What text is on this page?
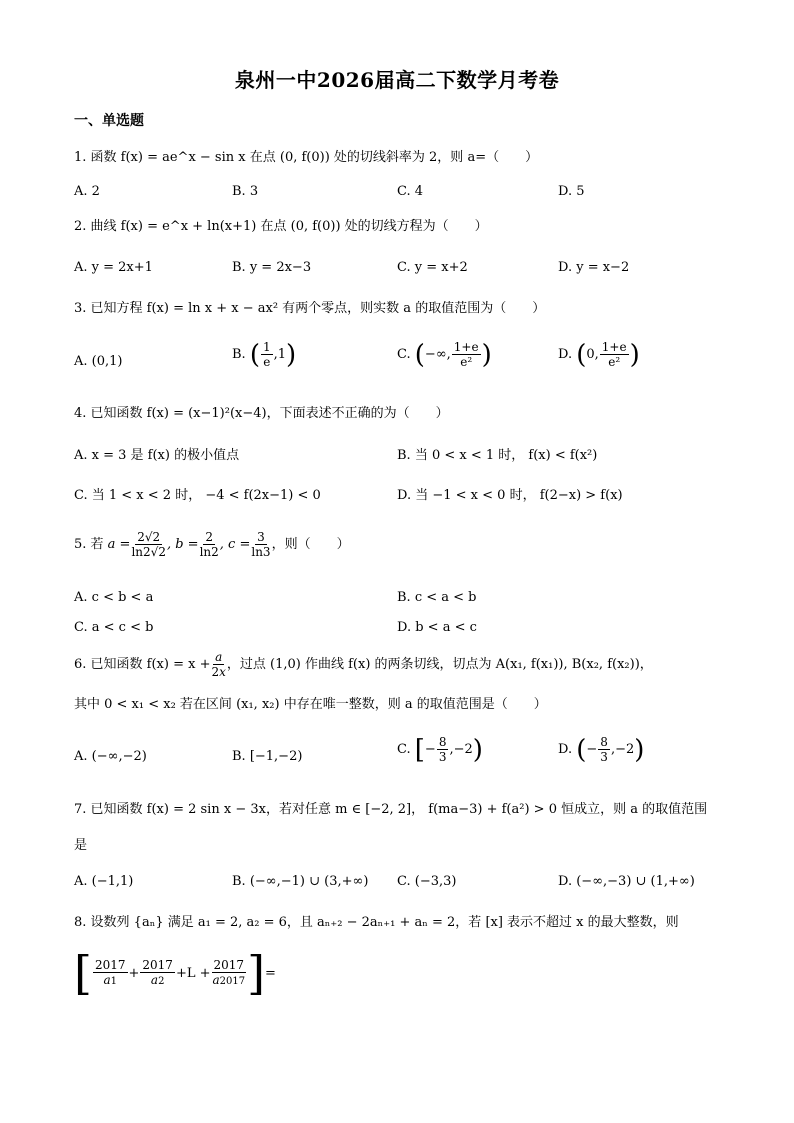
泉州一中2026届高二下数学月考卷
一、单选题
1. 函数 f(x) = ae^x − sin x 在点 (0, f(0)) 处的切线斜率为 2，则 a=（　　）
A. 2	B. 3	C. 4	D. 5
2. 曲线 f(x) = e^x + ln(x+1) 在点 (0, f(0)) 处的切线方程为（　　）
A. y = 2x+1	B. y = 2x−3	C. y = x+2	D. y = x−2
3. 已知方程 f(x) = ln x + x − ax² 有两个零点，则实数 a 的取值范围为（　　）
A. (0,1)	B.
( $\frac{1}{e} ,1$ )	C.
( −∞, $\frac{1+e}{\text{e²}}$ )	D.
( 0, $\frac{1+e}{\text{e²}}$ )
4. 已知函数 f(x) = (x−1)²(x−4)，下面表述不正确的为（　　）
A. x = 3 是 f(x) 的极小值点	B. 当 0 < x < 1 时， f(x) < f(x²)
C. 当 1 < x < 2 时， −4 < f(2x−1) < 0	D. 当 −1 < x < 0 时， f(2−x) > f(x)
5. 若 $a = \frac{2√2}{\ln 2√2}$ , $b = \frac{2}{\ln 2}$ , $c = \frac{3}{\ln 3}$ ，则（　　）
A. c < b < a	B. c < a < b
C. a < c < b	D. b < a < c
6. 已知函数 $f(x) = x + \frac{a}{2x}$ ，过点 (1,0) 作曲线 f(x) 的两条切线，切点为 A(x₁, f(x₁)), B(x₂, f(x₂))，
其中 0 < x₁ < x₂ 若在区间 (x₁, x₂) 中存在唯一整数，则 a 的取值范围是（　　）
A. (−∞,−2)	B. [−1,−2)	C.
[ − $\frac{8}{3} ,-2$ )	D.
( − $\frac{8}{3} ,-2$ )
7. 已知函数 f(x) = 2 sin x − 3x，若对任意 m ∈ [−2, 2]， f(ma−3) + f(a²) > 0 恒成立，则 a 的取值范围
是
A. (−1,1)	B. (−∞,−1) ∪ (3,+∞) C. (−3,3)	D. (−∞,−3) ∪ (1,+∞)
8. 设数列 {aₙ} 满足 a₁ = 2, a₂ = 6，且 aₙ₊₂ − 2aₙ₊₁ + aₙ = 2，若 [x] 表示不超过 x 的最大整数，则
[ $\frac{2017}{a1} + \frac{2017}{a2} + L + \frac{2017}{a2017}$ ] =
